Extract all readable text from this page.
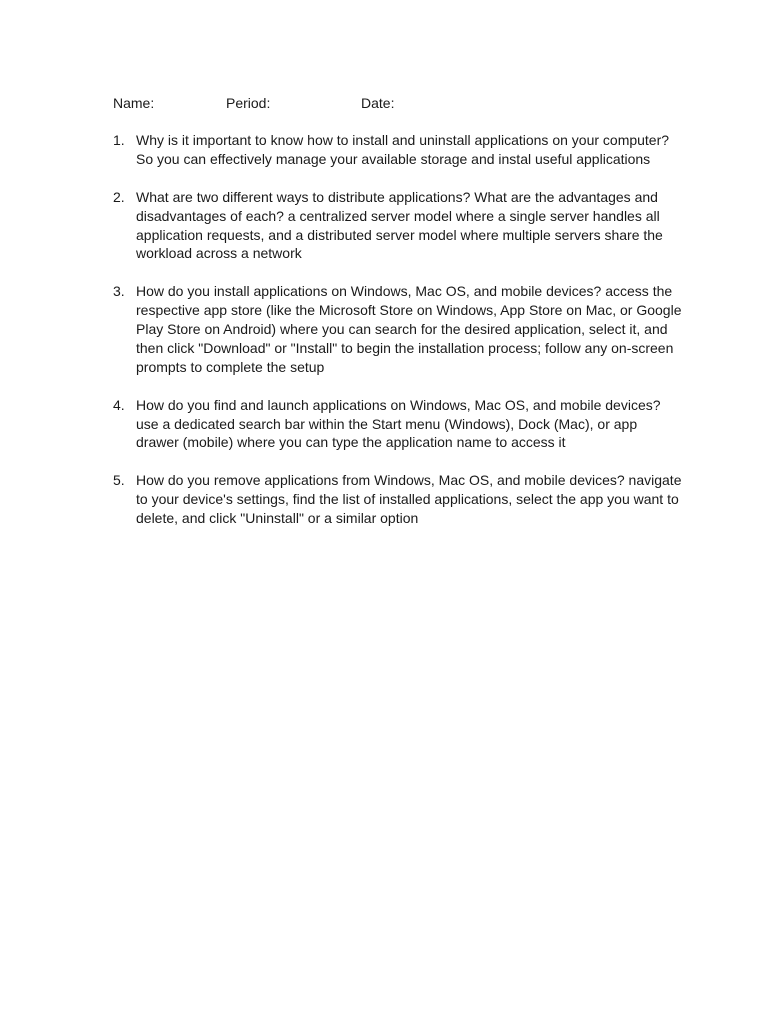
Name:	Period:	Date:
1. Why is it important to know how to install and uninstall applications on your computer? So you can effectively manage your available storage and instal useful applications
2. What are two different ways to distribute applications? What are the advantages and disadvantages of each? a centralized server model where a single server handles all application requests, and a distributed server model where multiple servers share the workload across a network
3. How do you install applications on Windows, Mac OS, and mobile devices? access the respective app store (like the Microsoft Store on Windows, App Store on Mac, or Google Play Store on Android) where you can search for the desired application, select it, and then click "Download" or "Install" to begin the installation process; follow any on-screen prompts to complete the setup
4. How do you find and launch applications on Windows, Mac OS, and mobile devices? use a dedicated search bar within the Start menu (Windows), Dock (Mac), or app drawer (mobile) where you can type the application name to access it
5. How do you remove applications from Windows, Mac OS, and mobile devices? navigate to your device's settings, find the list of installed applications, select the app you want to delete, and click "Uninstall" or a similar option
